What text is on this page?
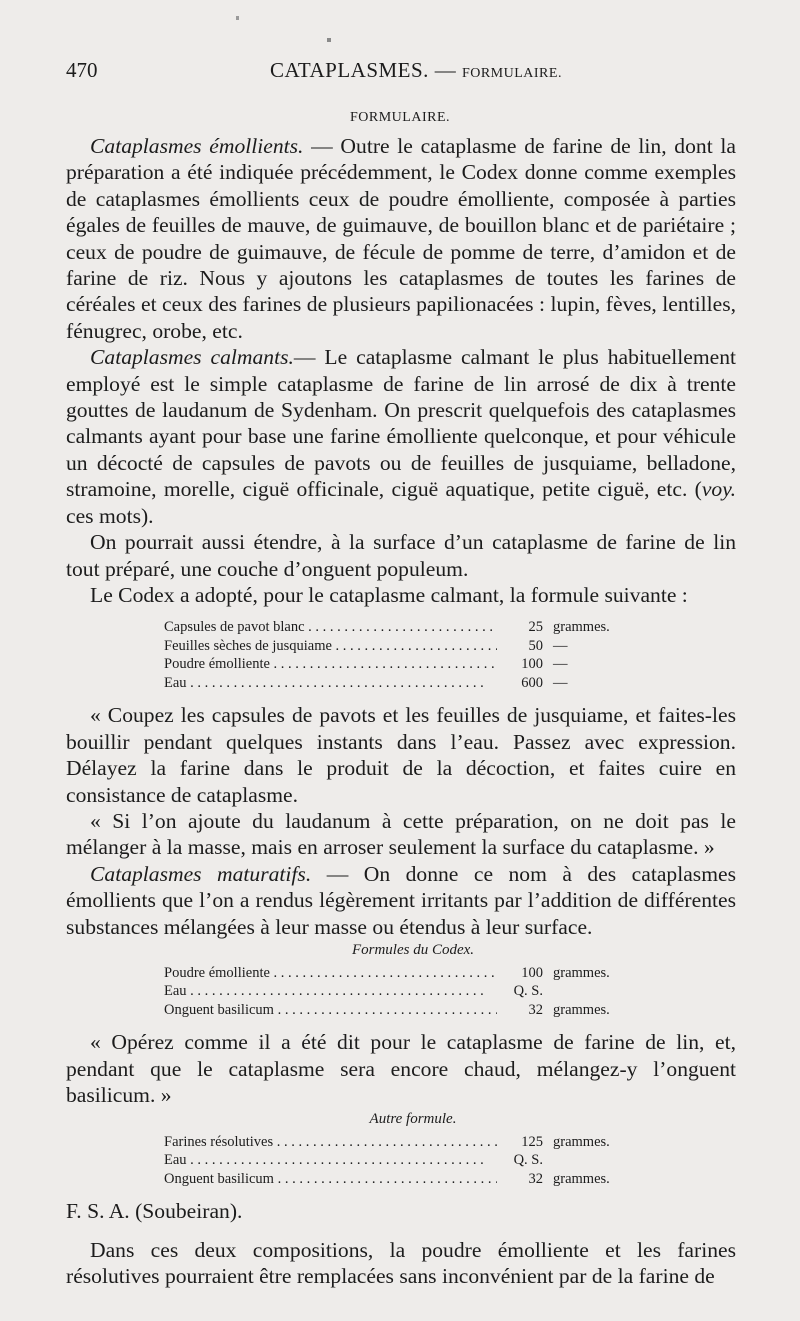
470	CATAPLASMES. — FORMULAIRE.
FORMULAIRE.

Cataplasmes émollients. — Outre le cataplasme de farine de lin, dont la préparation a été indiquée précédemment, le Codex donne comme exemples de cataplasmes émollients ceux de poudre émolliente, composée à parties égales de feuilles de mauve, de guimauve, de bouillon blanc et de pariétaire ; ceux de poudre de guimauve, de fécule de pomme de terre, d’amidon et de farine de riz. Nous y ajoutons les cataplasmes de toutes les farines de céréales et ceux des farines de plusieurs papilionacées : lupin, fèves, lentilles, fénugrec, orobe, etc.

Cataplasmes calmants.— Le cataplasme calmant le plus habituellement employé est le simple cataplasme de farine de lin arrosé de dix à trente gouttes de laudanum de Sydenham. On prescrit quelquefois des cataplasmes calmants ayant pour base une farine émolliente quelconque, et pour véhicule un décocté de capsules de pavots ou de feuilles de jusquiame, belladone, stramoine, morelle, ciguë officinale, ciguë aquatique, petite ciguë, etc. (voy. ces mots).

On pourrait aussi étendre, à la surface d’un cataplasme de farine de lin tout préparé, une couche d’onguent populeum.

Le Codex a adopté, pour le cataplasme calmant, la formule suivante :

Capsules de pavot blanc . . .	25 grammes.
Feuilles sèches de jusquiame . . .	50 —
Poudre émolliente . . .	100 —
Eau . . .	600 —

« Coupez les capsules de pavots et les feuilles de jusquiame, et faites-les bouillir pendant quelques instants dans l’eau. Passez avec expression. Délayez la farine dans le produit de la décoction, et faites cuire en consistance de cataplasme.

« Si l’on ajoute du laudanum à cette préparation, on ne doit pas le mélanger à la masse, mais en arroser seulement la surface du cataplasme. »

Cataplasmes maturatifs. — On donne ce nom à des cataplasmes émollients que l’on a rendus légèrement irritants par l’addition de différentes substances mélangées à leur masse ou étendus à leur surface.

Formules du Codex.

Poudre émolliente . . .	100 grammes.
Eau . . .	Q. S.
Onguent basilicum . . .	32 grammes.

« Opérez comme il a été dit pour le cataplasme de farine de lin, et, pendant que le cataplasme sera encore chaud, mélangez-y l’onguent basilicum. »

Autre formule.

Farines résolutives . . .	125 grammes.
Eau . . .	Q. S.
Onguent basilicum . . .	32 grammes.

F. S. A. (Soubeiran).

Dans ces deux compositions, la poudre émolliente et les farines résolutives pourraient être remplacées sans inconvénient par de la farine de
